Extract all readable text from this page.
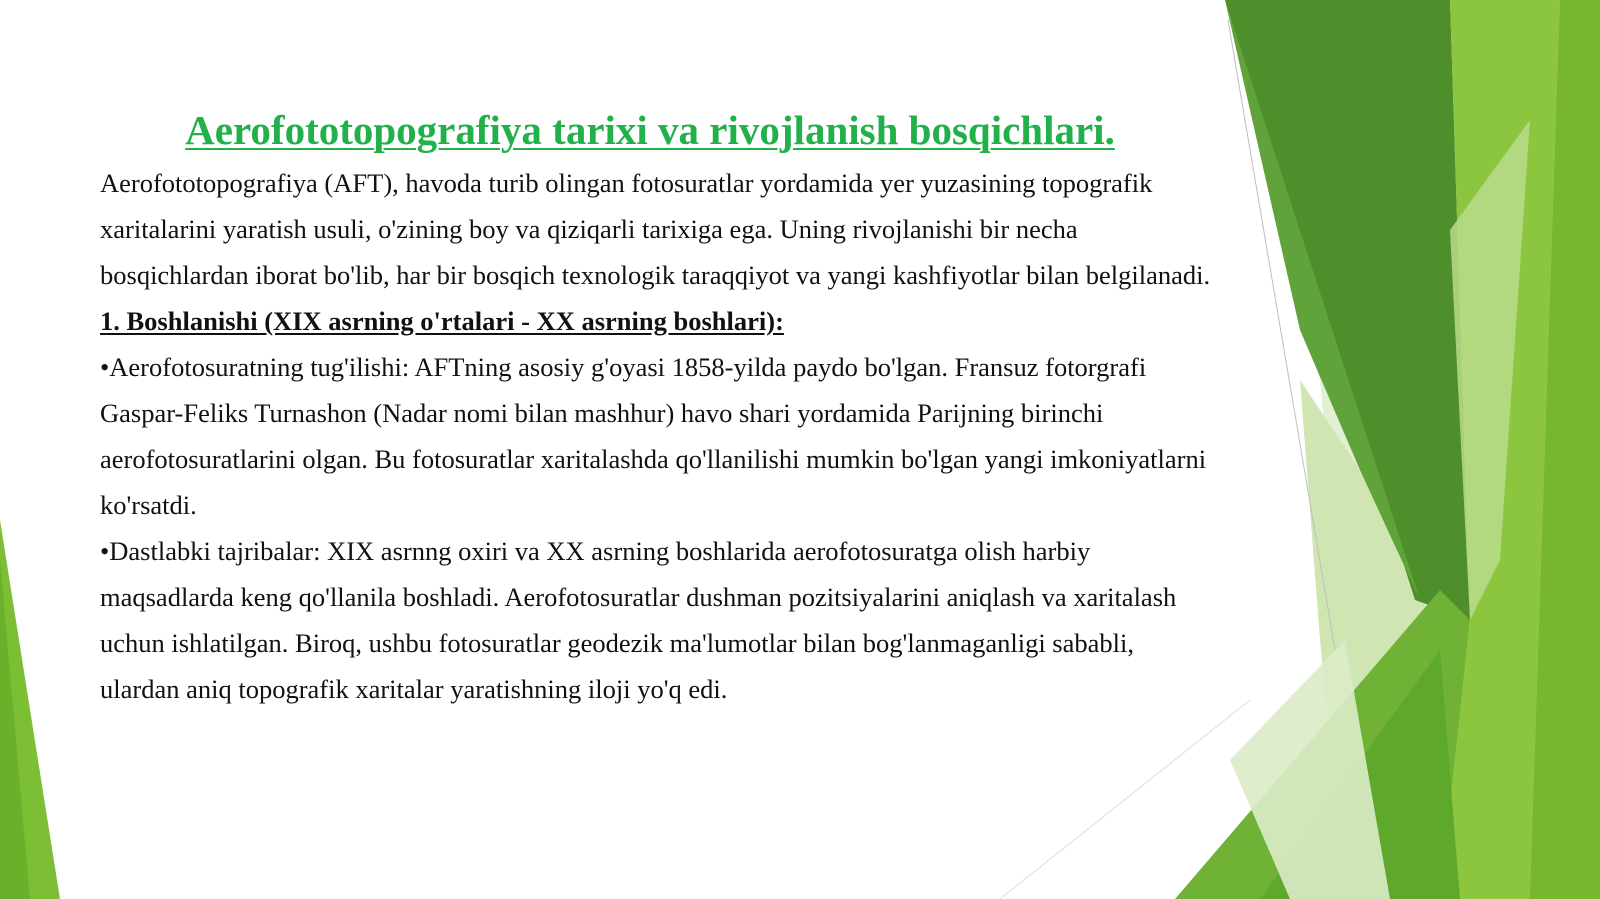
Aerofototopografiya tarixi va rivojlanish bosqichlari.

Aerofototopografiya (AFT), havoda turib olingan fotosuratlar yordamida yer yuzasining topografik xaritalarini yaratish usuli, o'zining boy va qiziqarli tarixiga ega. Uning rivojlanishi bir necha bosqichlardan iborat bo'lib, har bir bosqich texnologik taraqqiyot va yangi kashfiyotlar bilan belgilanadi.

1. Boshlanishi (XIX asrning o'rtalari - XX asrning boshlari):

•Aerofotosuratning tug'ilishi: AFTning asosiy g'oyasi 1858-yilda paydo bo'lgan. Fransuz fotorgrafi Gaspar-Feliks Turnashon (Nadar nomi bilan mashhur) havo shari yordamida Parijning birinchi aerofotosuratlarini olgan. Bu fotosuratlar xaritalashda qo'llanilishi mumkin bo'lgan yangi imkoniyatlarni ko'rsatdi.

•Dastlabki tajribalar: XIX asrnng oxiri va XX asrning boshlarida aerofotosuratga olish harbiy maqsadlarda keng qo'llanila boshladi. Aerofotosuratlar dushman pozitsiyalarini aniqlash va xaritalash uchun ishlatilgan. Biroq, ushbu fotosuratlar geodezik ma'lumotlar bilan bog'lanmaganligi sababli, ulardan aniq topografik xaritalar yaratishning iloji yo'q edi.
